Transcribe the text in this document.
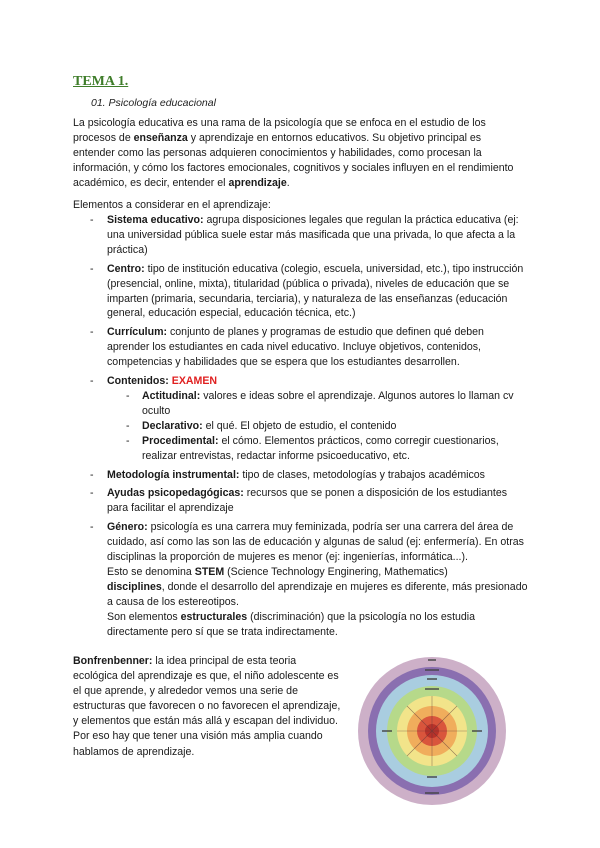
TEMA 1.
01. Psicología educacional

La psicología educativa es una rama de la psicología que se enfoca en el estudio de los procesos de enseñanza y aprendizaje en entornos educativos. Su objetivo principal es entender como las personas adquieren conocimientos y habilidades, como procesan la información, y cómo los factores emocionales, cognitivos y sociales influyen en el rendimiento académico, es decir, entender el aprendizaje.

Elementos a considerar en el aprendizaje:

- Sistema educativo: agrupa disposiciones legales que regulan la práctica educativa (ej: una universidad pública suele estar más masificada que una privada, lo que afecta a la práctica)
- Centro: tipo de institución educativa (colegio, escuela, universidad, etc.), tipo instrucción (presencial, online, mixta), titularidad (pública o privada), niveles de educación que se imparten (primaria, secundaria, terciaria), y naturaleza de las enseñanzas (educación general, educación especial, educación técnica, etc.)
- Currículum: conjunto de planes y programas de estudio que definen qué deben aprender los estudiantes en cada nivel educativo. Incluye objetivos, contenidos, competencias y habilidades que se espera que los estudiantes desarrollen.
- Contenidos: EXAMEN
- Actitudinal: valores e ideas sobre el aprendizaje. Algunos autores lo llaman cv oculto
- Declarativo: el qué. El objeto de estudio, el contenido
- Procedimental: el cómo. Elementos prácticos, como corregir cuestionarios, realizar entrevistas, redactar informe psicoeducativo, etc.
- Metodología instrumental: tipo de clases, metodologías y trabajos académicos
- Ayudas psicopedagógicas: recursos que se ponen a disposición de los estudiantes para facilitar el aprendizaje
- Género: psicología es una carrera muy feminizada, podría ser una carrera del área de cuidado, así como las son las de educación y algunas de salud (ej: enfermería). En otras disciplinas la proporción de mujeres es menor (ej: ingenierías, informática...).
Esto se denomina STEM (Science Technology Enginering, Mathematics)
disciplines, donde el desarrollo del aprendizaje en mujeres es diferente, más presionado a causa de los estereotipos.
Son elementos estructurales (discriminación) que la psicología no los estudia directamente pero sí que se trata indirectamente.
Bonfrenbenner: la idea principal de esta teoria ecológica del aprendizaje es que, el niño adolescente es el que aprende, y alrededor vemos una serie de estructuras que favorecen o no favorecen el aprendizaje, y elementos que están más allá y escapan del individuo.
Por eso hay que tener una visión más amplia cuando hablamos de aprendizaje.
